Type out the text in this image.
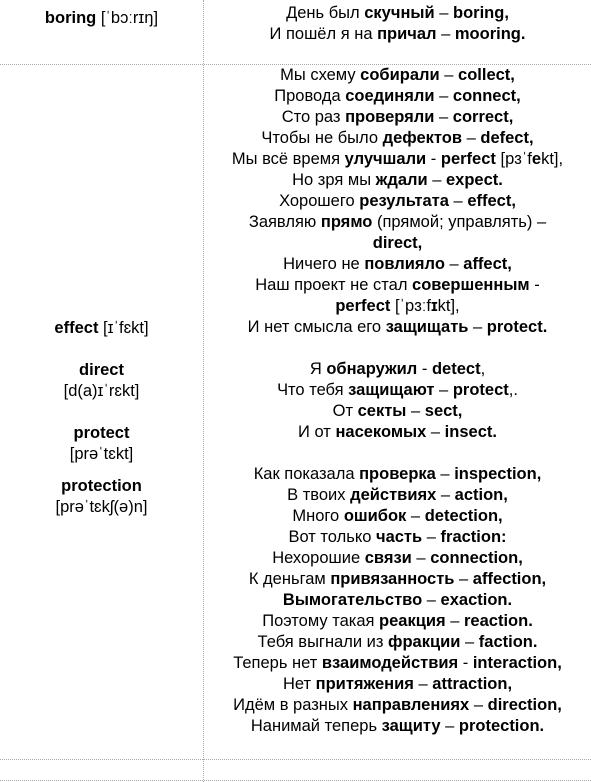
boring [ˈbɔːrɪŋ]	День был скучный – boring,
И пошёл я на причал – mooring.
effect [ɪˈfɛkt]
direct
[d(a)ɪˈrɛkt]
protect
[prəˈtɛkt]
protection
[prəˈtɛkʃ(ə)n]
Мы схему собирали – collect,
Провода соединяли – connect,
Сто раз проверяли – correct,
Чтобы не было дефектов – defect,
Мы всё время улучшали - perfect [pɜˈfekt],
Но зря мы ждали – expect.
Хорошего результата – effect,
Заявляю прямо (прямой; управлять) –
direct,
Ничего не повлияло – affect,
Наш проект не стал совершенным -
perfect [ˈpɜːfɪkt],
И нет смысла его защищать – protect.
Я обнаружил - detect,
Что тебя защищают – protect,.
От секты – sect,
И от насекомых – insect.
Как показала проверка – inspection,
В твоих действиях – action,
Много ошибок – detection,
Вот только часть – fraction:
Нехорошие связи – connection,
К деньгам привязанность – affection,
Вымогательство – exaction.
Поэтому такая реакция – reaction.
Тебя выгнали из фракции – faction.
Теперь нет взаимодействия - interaction,
Нет притяжения – attraction,
Идём в разных направлениях – direction,
Нанимай теперь защиту – protection.
